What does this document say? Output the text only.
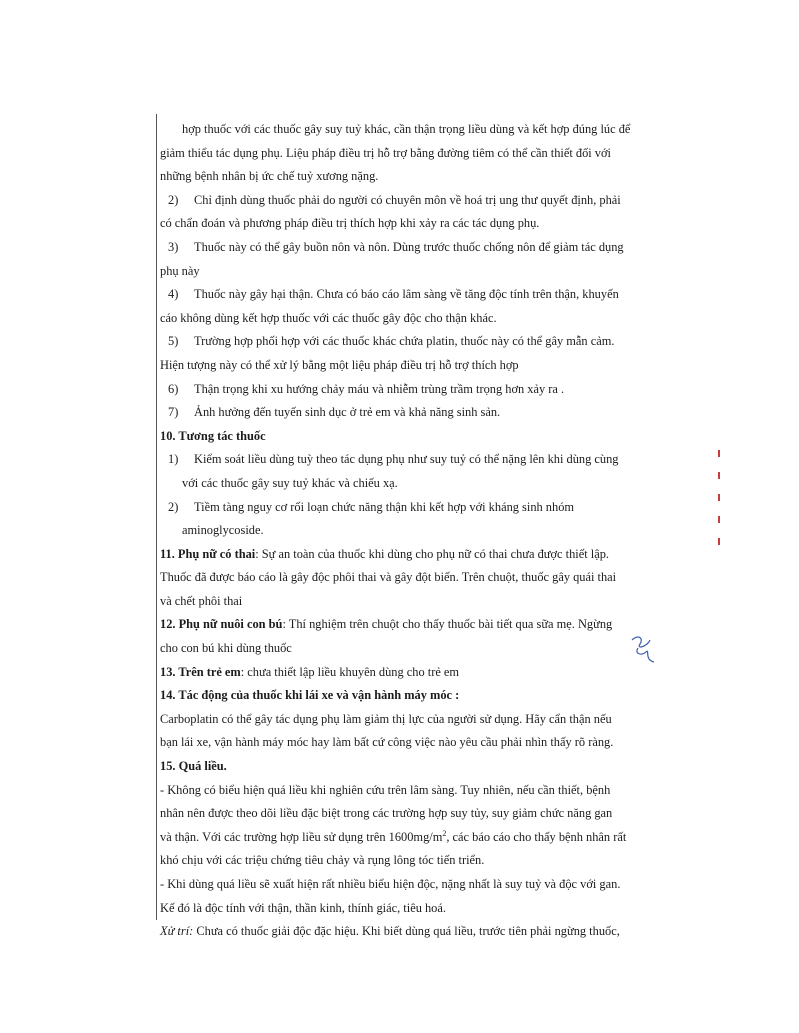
hợp thuốc với các thuốc gây suy tuỷ khác, cần thận trọng liều dùng và kết hợp đúng lúc để

giảm thiểu tác dụng phụ. Liệu pháp điều trị hỗ trợ bằng đường tiêm có thể cần thiết đối với

những bệnh nhân bị ức chế tuỷ xương nặng.

2)	Chỉ định dùng thuốc phải do người có chuyên môn về hoá trị ung thư quyết định, phải

có chẩn đoán và phương pháp điều trị thích hợp khi xảy ra các tác dụng phụ.

3)	Thuốc này có thể gây buồn nôn và nôn. Dùng trước thuốc chống nôn để giảm tác dụng

phụ này

4)	Thuốc này gây hại thận. Chưa có báo cáo lâm sàng về tăng độc tính trên thận, khuyến

cáo không dùng kết hợp thuốc với các thuốc gây độc cho thận khác.

5)	Trường hợp phối hợp với các thuốc khác chứa platin, thuốc này có thể gây mẫn cảm.

Hiện tượng này có thể xử lý bằng một liệu pháp điều trị hỗ trợ thích hợp

6)	Thận trọng khi xu hướng chảy máu và nhiễm trùng trầm trọng hơn xảy ra .
7)	Ảnh hưởng đến tuyến sinh dục ở trẻ em và khả năng sinh sản.

10. Tương tác thuốc

1)	Kiểm soát liều dùng tuỳ theo tác dụng phụ như suy tuỷ có thể nặng lên khi dùng cùng

với các thuốc gây suy tuỷ khác và chiếu xạ.

2)	Tiềm tàng nguy cơ rối loạn chức năng thận khi kết hợp với kháng sinh nhóm

aminoglycoside.

11. Phụ nữ có thai: Sự an toàn của thuốc khi dùng cho phụ nữ có thai chưa được thiết lập.

Thuốc đã được báo cáo là gây độc phôi thai và gây đột biến. Trên chuột, thuốc gây quái thai

và chết phôi thai

12. Phụ nữ nuôi con bú: Thí nghiệm trên chuột cho thấy thuốc bài tiết qua sữa mẹ. Ngừng

cho con bú khi dùng thuốc

13. Trên trẻ em: chưa thiết lập liều khuyên dùng cho trẻ em

14. Tác động của thuốc khi lái xe và vận hành máy móc :

Carboplatin có thể gây tác dụng phụ làm giảm thị lực của người sử dụng. Hãy cẩn thận nếu

bạn lái xe, vận hành máy móc hay làm bất cứ công việc nào yêu cầu phải nhìn thấy rõ ràng.

15. Quá liều.

- Không có biểu hiện quá liều khi nghiên cứu trên lâm sàng. Tuy nhiên, nếu cần thiết, bệnh

nhân nên được theo dõi liều đặc biệt trong các trường hợp suy tủy, suy giảm chức năng gan

và thận. Với các trường hợp liều sử dụng trên $1600mg/m^2$, các báo cáo cho thấy bệnh nhân rất

khó chịu với các triệu chứng tiêu chảy và rụng lông tóc tiến triển.

- Khi dùng quá liều sẽ xuất hiện rất nhiều biểu hiện độc, nặng nhất là suy tuỷ và độc với gan.

Kế đó là độc tính với thận, thần kinh, thính giác, tiêu hoá.

Xử trí: Chưa có thuốc giải độc đặc hiệu. Khi biết dùng quá liều, trước tiên phải ngừng thuốc,
